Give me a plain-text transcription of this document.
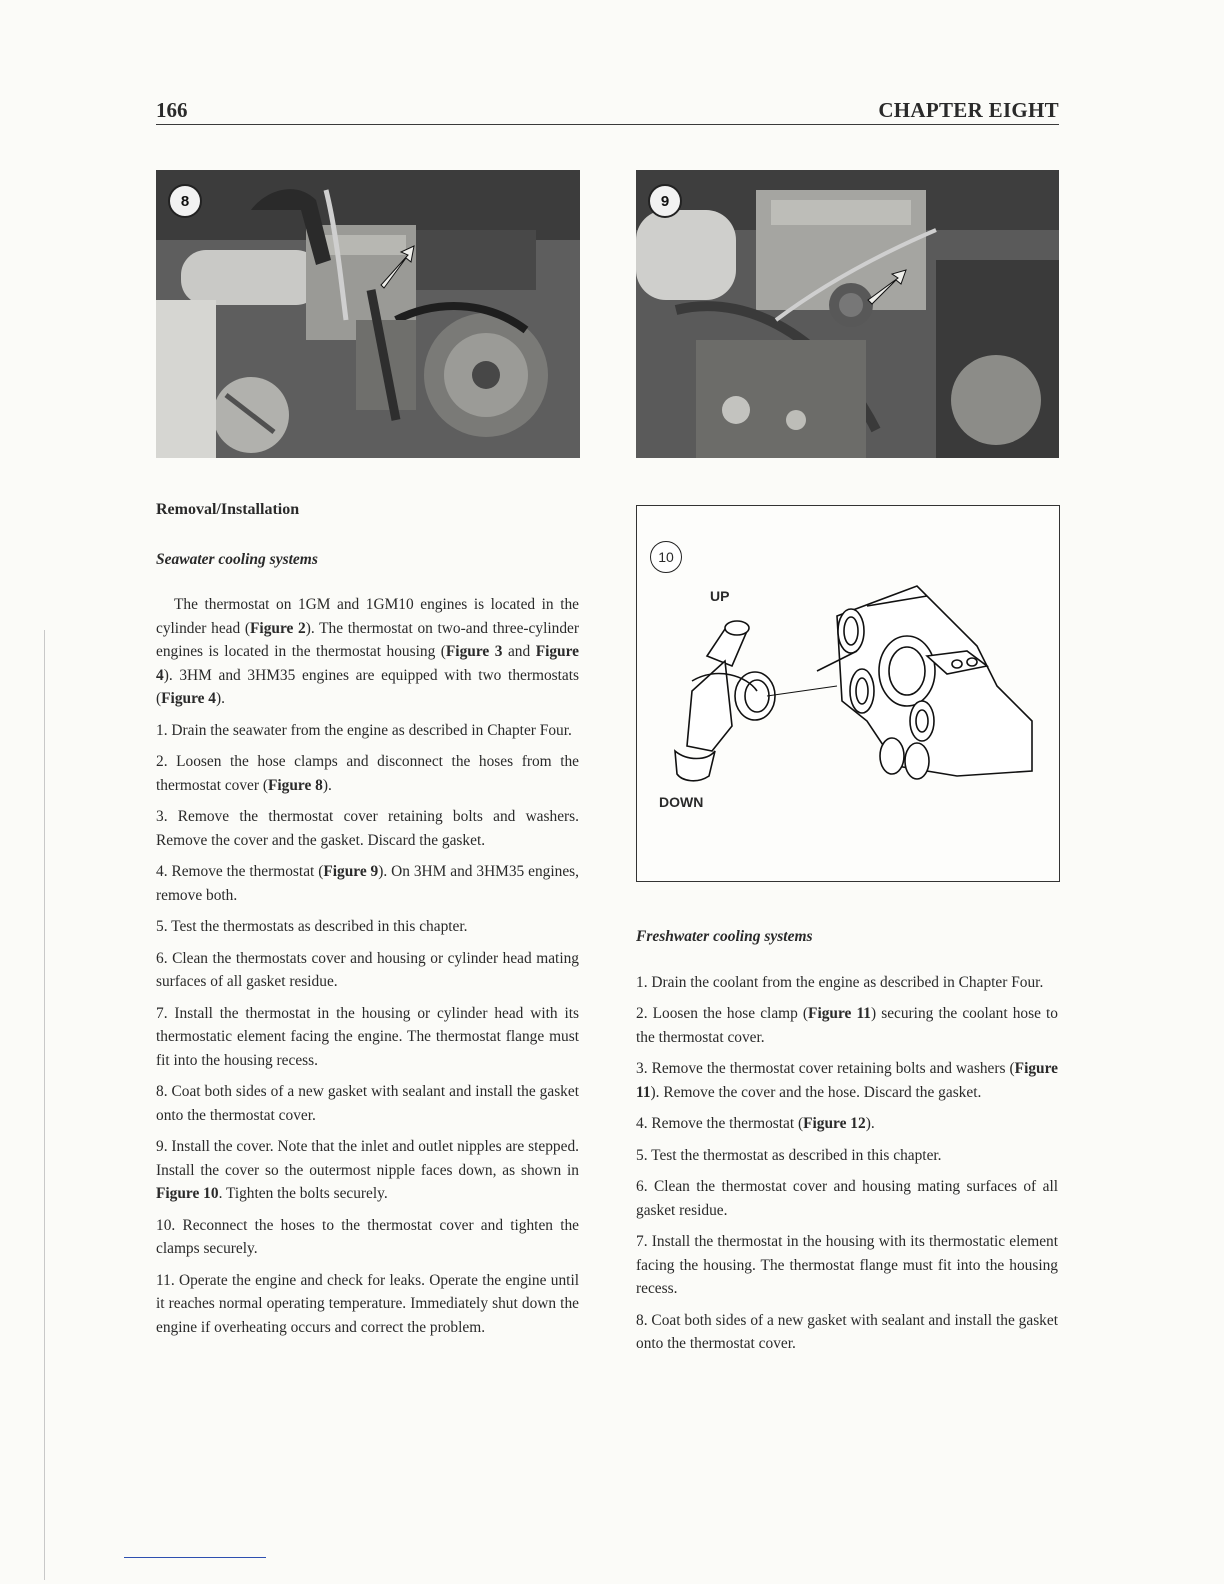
166	CHAPTER EIGHT
8	9
10
UP
DOWN
Removal/Installation
Seawater cooling systems

The thermostat on 1GM and 1GM10 engines is located in the cylinder head (Figure 2). The thermostat on two-and three-cylinder engines is located in the thermostat housing (Figure 3 and Figure 4). 3HM and 3HM35 engines are equipped with two thermostats (Figure 4).

1. Drain the seawater from the engine as described in Chapter Four.

2. Loosen the hose clamps and disconnect the hoses from the thermostat cover (Figure 8).

3. Remove the thermostat cover retaining bolts and washers. Remove the cover and the gasket. Discard the gasket.

4. Remove the thermostat (Figure 9). On 3HM and 3HM35 engines, remove both.

5. Test the thermostats as described in this chapter.

6. Clean the thermostats cover and housing or cylinder head mating surfaces of all gasket residue.

7. Install the thermostat in the housing or cylinder head with its thermostatic element facing the engine. The thermostat flange must fit into the housing recess.

8. Coat both sides of a new gasket with sealant and install the gasket onto the thermostat cover.

9. Install the cover. Note that the inlet and outlet nipples are stepped. Install the cover so the outermost nipple faces down, as shown in Figure 10. Tighten the bolts securely.

10. Reconnect the hoses to the thermostat cover and tighten the clamps securely.

11. Operate the engine and check for leaks. Operate the engine until it reaches normal operating temperature. Immediately shut down the engine if overheating occurs and correct the problem.

Freshwater cooling systems

1. Drain the coolant from the engine as described in Chapter Four.

2. Loosen the hose clamp (Figure 11) securing the coolant hose to the thermostat cover.

3. Remove the thermostat cover retaining bolts and washers (Figure 11). Remove the cover and the hose. Discard the gasket.

4. Remove the thermostat (Figure 12).

5. Test the thermostat as described in this chapter.

6. Clean the thermostat cover and housing mating surfaces of all gasket residue.

7. Install the thermostat in the housing with its thermostatic element facing the housing. The thermostat flange must fit into the housing recess.

8. Coat both sides of a new gasket with sealant and install the gasket onto the thermostat cover.
